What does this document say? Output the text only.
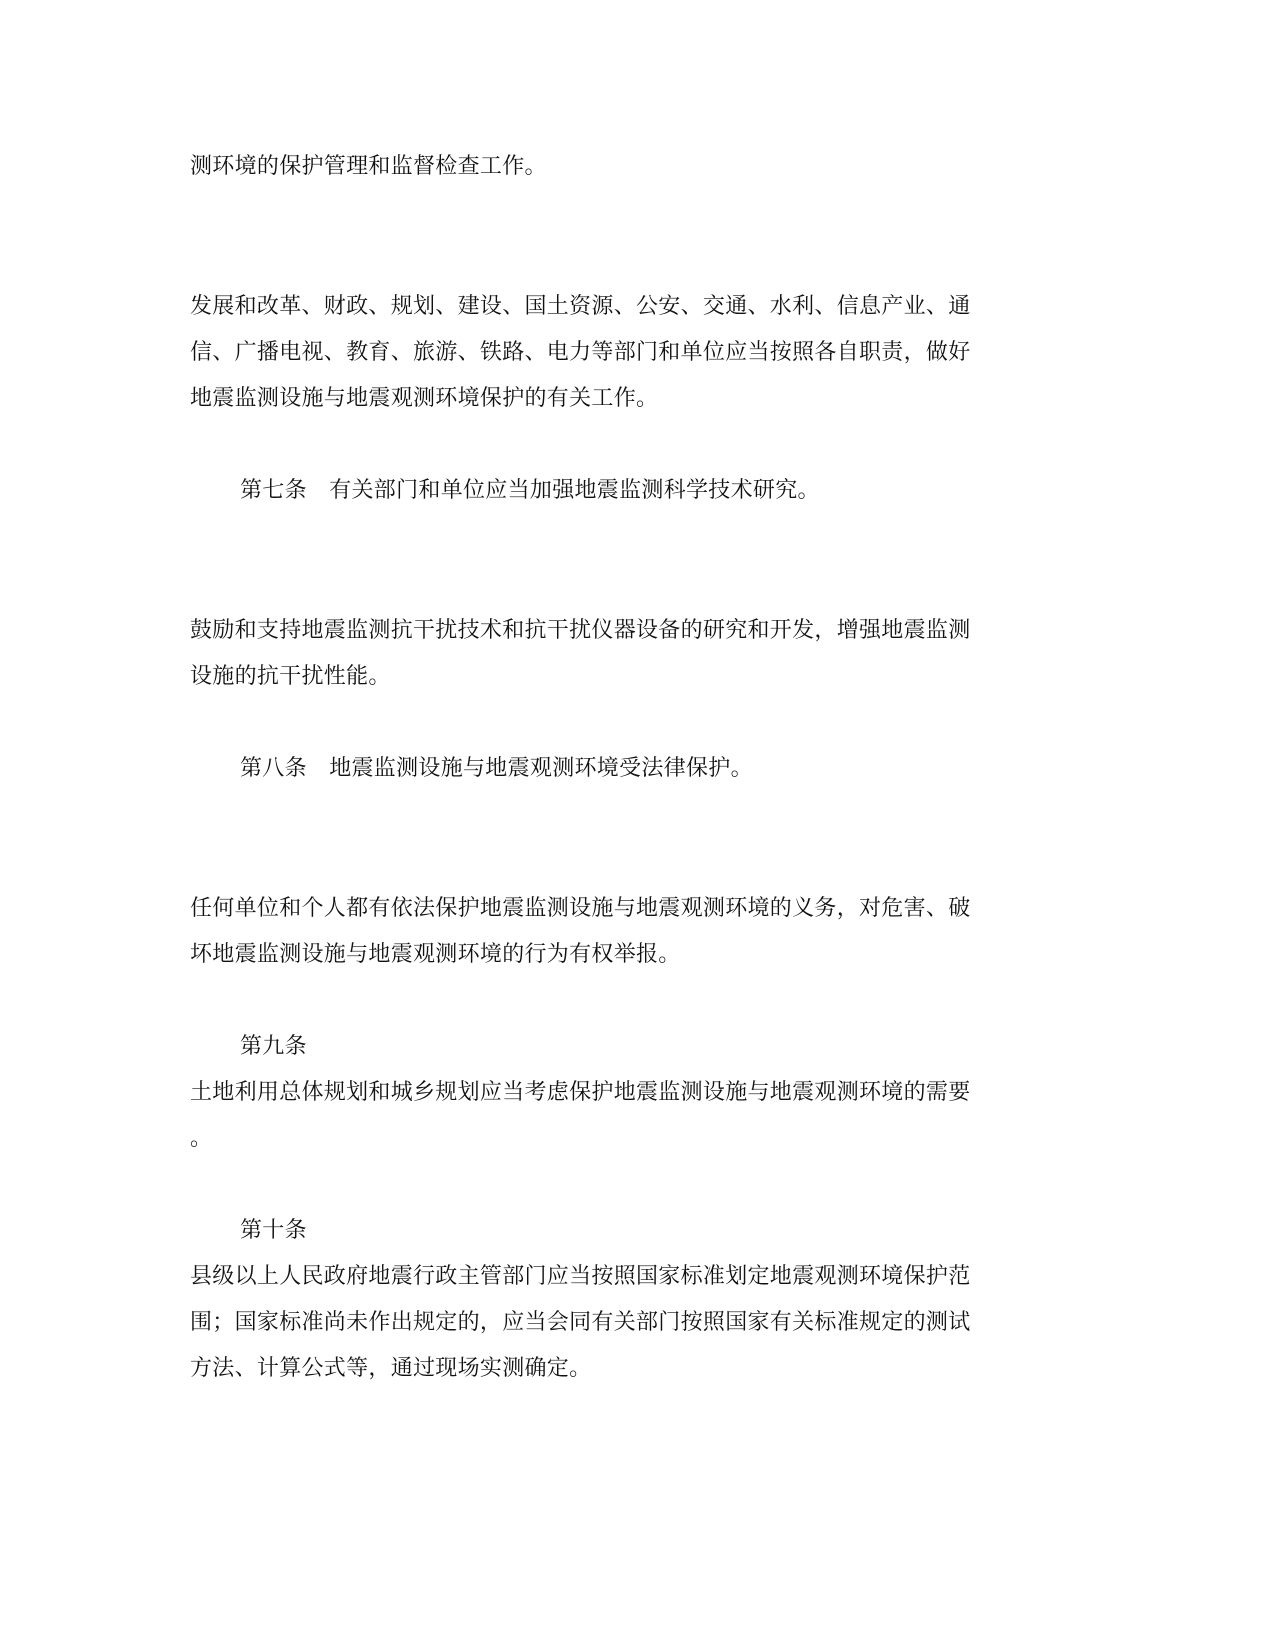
测环境的保护管理和监督检查工作。

发展和改革、财政、规划、建设、国土资源、公安、交通、水利、信息产业、通

信、广播电视、教育、旅游、铁路、电力等部门和单位应当按照各自职责，做好

地震监测设施与地震观测环境保护的有关工作。

第七条　有关部门和单位应当加强地震监测科学技术研究。

鼓励和支持地震监测抗干扰技术和抗干扰仪器设备的研究和开发，增强地震监测

设施的抗干扰性能。

第八条　地震监测设施与地震观测环境受法律保护。

任何单位和个人都有依法保护地震监测设施与地震观测环境的义务，对危害、破

坏地震监测设施与地震观测环境的行为有权举报。

第九条

土地利用总体规划和城乡规划应当考虑保护地震监测设施与地震观测环境的需要

。

第十条

县级以上人民政府地震行政主管部门应当按照国家标准划定地震观测环境保护范

围；国家标准尚未作出规定的，应当会同有关部门按照国家有关标准规定的测试

方法、计算公式等，通过现场实测确定。
